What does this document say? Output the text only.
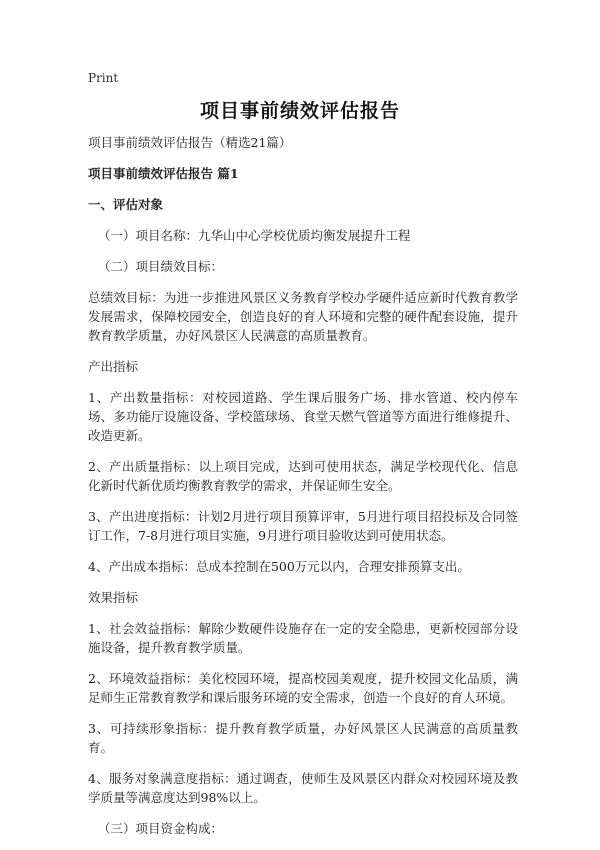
Print
项目事前绩效评估报告

项目事前绩效评估报告（精选21篇）

项目事前绩效评估报告 篇1

一、评估对象

（一）项目名称：九华山中心学校优质均衡发展提升工程

（二）项目绩效目标：

总绩效目标：为进一步推进风景区义务教育学校办学硬件适应新时代教育教学发展需求，保障校园安全，创造良好的育人环境和完整的硬件配套设施，提升教育教学质量，办好风景区人民满意的高质量教育。

产出指标

1、产出数量指标：对校园道路、学生课后服务广场、排水管道、校内停车场、多功能厅设施设备、学校篮球场、食堂天燃气管道等方面进行维修提升、改造更新。

2、产出质量指标：以上项目完成，达到可使用状态，满足学校现代化、信息化新时代新优质均衡教育教学的需求，并保证师生安全。

3、产出进度指标：计划2月进行项目预算评审，5月进行项目招投标及合同签订工作，7-8月进行项目实施，9月进行项目验收达到可使用状态。

4、产出成本指标：总成本控制在500万元以内，合理安排预算支出。

效果指标

1、社会效益指标：解除少数硬件设施存在一定的安全隐患，更新校园部分设施设备，提升教育教学质量。

2、环境效益指标：美化校园环境，提高校园美观度，提升校园文化品质，满足师生正常教育教学和课后服务环境的安全需求，创造一个良好的育人环境。

3、可持续形象指标：提升教育教学质量，办好风景区人民满意的高质量教育。

4、服务对象满意度指标：通过调查，使师生及风景区内群众对校园环境及教学质量等满意度达到98%以上。

（三）项目资金构成：
